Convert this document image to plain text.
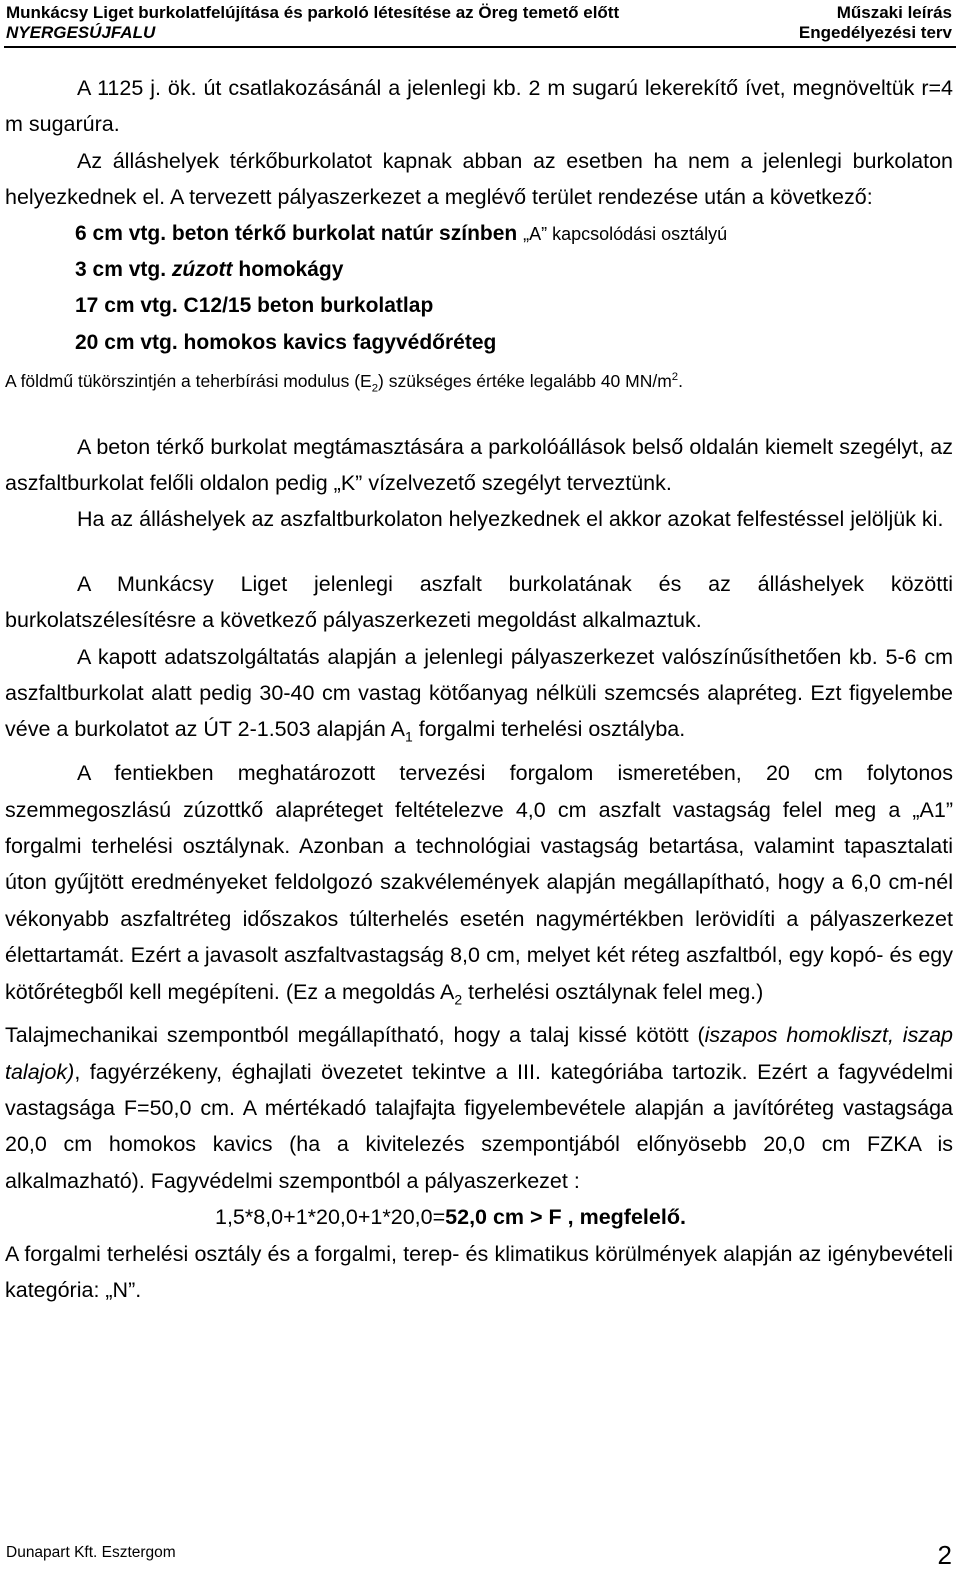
Munkácsy Liget burkolatfelújítása és parkoló létesítése az Öreg temető előtt
NYERGESÚJFALU
Műszaki leírás
Engedélyezési terv

A 1125 j. ök. út csatlakozásánál a jelenlegi kb. 2 m sugarú lekerekítő ívet, megnöveltük r=4 m sugarúra.

Az álláshelyek térkőburkolatot kapnak abban az esetben ha nem a jelenlegi burkolaton helyezkednek el. A tervezett pályaszerkezet a meglévő terület rendezése után a következő:

6 cm vtg. beton térkő burkolat natúr színben „A” kapcsolódási osztályú
3 cm vtg. zúzott homokágy
17 cm vtg. C12/15 beton burkolatlap
20 cm vtg. homokos kavics fagyvédőréteg
A földmű tükörszintjén a teherbírási modulus $(E_2)$ szükséges értéke legalább 40 $MN/m^2$.

A beton térkő burkolat megtámasztására a parkolóállások belső oldalán kiemelt szegélyt, az aszfaltburkolat felőli oldalon pedig „K” vízelvezető szegélyt terveztünk.

Ha az álláshelyek az aszfaltburkolaton helyezkednek el akkor azokat felfestéssel jelöljük ki.

A Munkácsy Liget jelenlegi aszfalt burkolatának és az álláshelyek közötti burkolatszélesítésre a következő pályaszerkezeti megoldást alkalmaztuk.

A kapott adatszolgáltatás alapján a jelenlegi pályaszerkezet valószínűsíthetően kb. 5-6 cm aszfaltburkolat alatt pedig 30-40 cm vastag kötőanyag nélküli szemcsés alapréteg. Ezt figyelembe véve a burkolatot az ÚT 2-1.503 alapján $A_1$ forgalmi terhelési osztályba.

A fentiekben meghatározott tervezési forgalom ismeretében, 20 cm folytonos szemmegoszlású zúzottkő alapréteget feltételezve 4,0 cm aszfalt vastagság felel meg a „A1” forgalmi terhelési osztálynak. Azonban a technológiai vastagság betartása, valamint tapasztalati úton gyűjtött eredményeket feldolgozó szakvélemények alapján megállapítható, hogy a 6,0 cm-nél vékonyabb aszfaltréteg időszakos túlterhelés esetén nagymértékben lerövidíti a pályaszerkezet élettartamát. Ezért a javasolt aszfaltvastagság 8,0 cm, melyet két réteg aszfaltból, egy kopó- és egy kötőrétegből kell megépíteni. (Ez a megoldás $A_2$ terhelési osztálynak felel meg.)

Talajmechanikai szempontból megállapítható, hogy a talaj kissé kötött (iszapos homokliszt, iszap talajok), fagyérzékeny, éghajlati övezetet tekintve a III. kategóriába tartozik. Ezért a fagyvédelmi vastagsága F=50,0 cm. A mértékadó talajfajta figyelembevétele alapján a javítóréteg vastagsága 20,0 cm homokos kavics (ha a kivitelezés szempontjából előnyösebb 20,0 cm FZKA is alkalmazható). Fagyvédelmi szempontból a pályaszerkezet :

1,5*8,0+1*20,0+1*20,0=52,0 cm > F , megfelelő.

A forgalmi terhelési osztály és a forgalmi, terep- és klimatikus körülmények alapján az igénybevételi kategória: „N”.

Dunapart Kft. Esztergom	2
